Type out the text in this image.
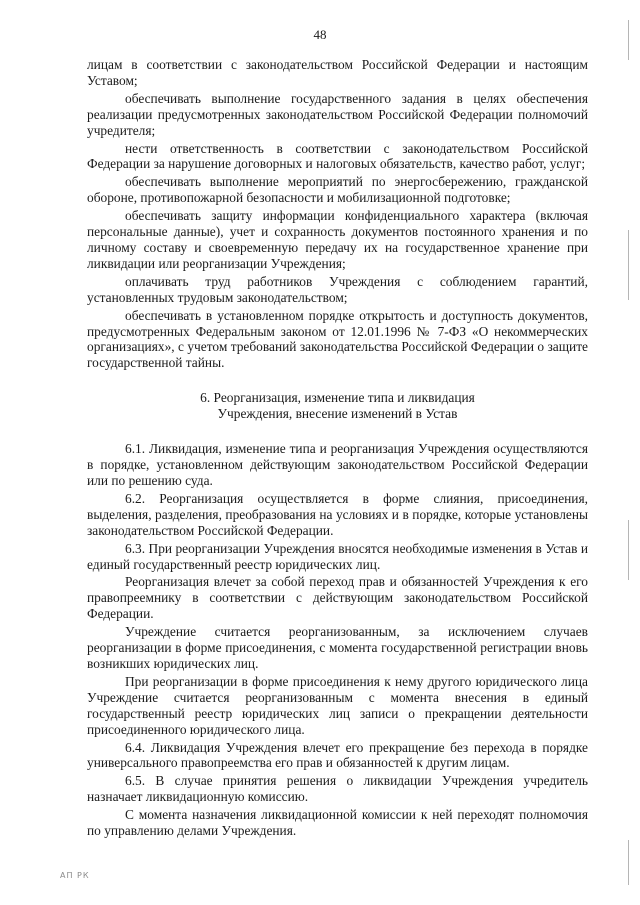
48

лицам в соответствии с законодательством Российской Федерации и настоящим Уставом;

обеспечивать выполнение государственного задания в целях обеспечения реализации предусмотренных законодательством Российской Федерации полномочий учредителя;

нести ответственность в соответствии с законодательством Российской Федерации за нарушение договорных и налоговых обязательств, качество работ, услуг;

обеспечивать выполнение мероприятий по энергосбережению, гражданской обороне, противопожарной безопасности и мобилизационной подготовке;

обеспечивать защиту информации конфиденциального характера (включая персональные данные), учет и сохранность документов постоянного хранения и по личному составу и своевременную передачу их на государственное хранение при ликвидации или реорганизации Учреждения;

оплачивать труд работников Учреждения с соблюдением гарантий, установленных трудовым законодательством;

обеспечивать в установленном порядке открытость и доступность документов, предусмотренных Федеральным законом от 12.01.1996 № 7-ФЗ «О некоммерческих организациях», с учетом требований законодательства Российской Федерации о защите государственной тайны.

6. Реорганизация, изменение типа и ликвидация
Учреждения, внесение изменений в Устав

6.1. Ликвидация, изменение типа и реорганизация Учреждения осуществляются в порядке, установленном действующим законодательством Российской Федерации или по решению суда.

6.2. Реорганизация осуществляется в форме слияния, присоединения, выделения, разделения, преобразования на условиях и в порядке, которые установлены законодательством Российской Федерации.

6.3. При реорганизации Учреждения вносятся необходимые изменения в Устав и единый государственный реестр юридических лиц.

Реорганизация влечет за собой переход прав и обязанностей Учреждения к его правопреемнику в соответствии с действующим законодательством Российской Федерации.

Учреждение считается реорганизованным, за исключением случаев реорганизации в форме присоединения, с момента государственной регистрации вновь возникших юридических лиц.

При реорганизации в форме присоединения к нему другого юридического лица Учреждение считается реорганизованным с момента внесения в единый государственный реестр юридических лиц записи о прекращении деятельности присоединенного юридического лица.

6.4. Ликвидация Учреждения влечет его прекращение без перехода в порядке универсального правопреемства его прав и обязанностей к другим лицам.

6.5. В случае принятия решения о ликвидации Учреждения учредитель назначает ликвидационную комиссию.

С момента назначения ликвидационной комиссии к ней переходят полномочия по управлению делами Учреждения.

АП РК
